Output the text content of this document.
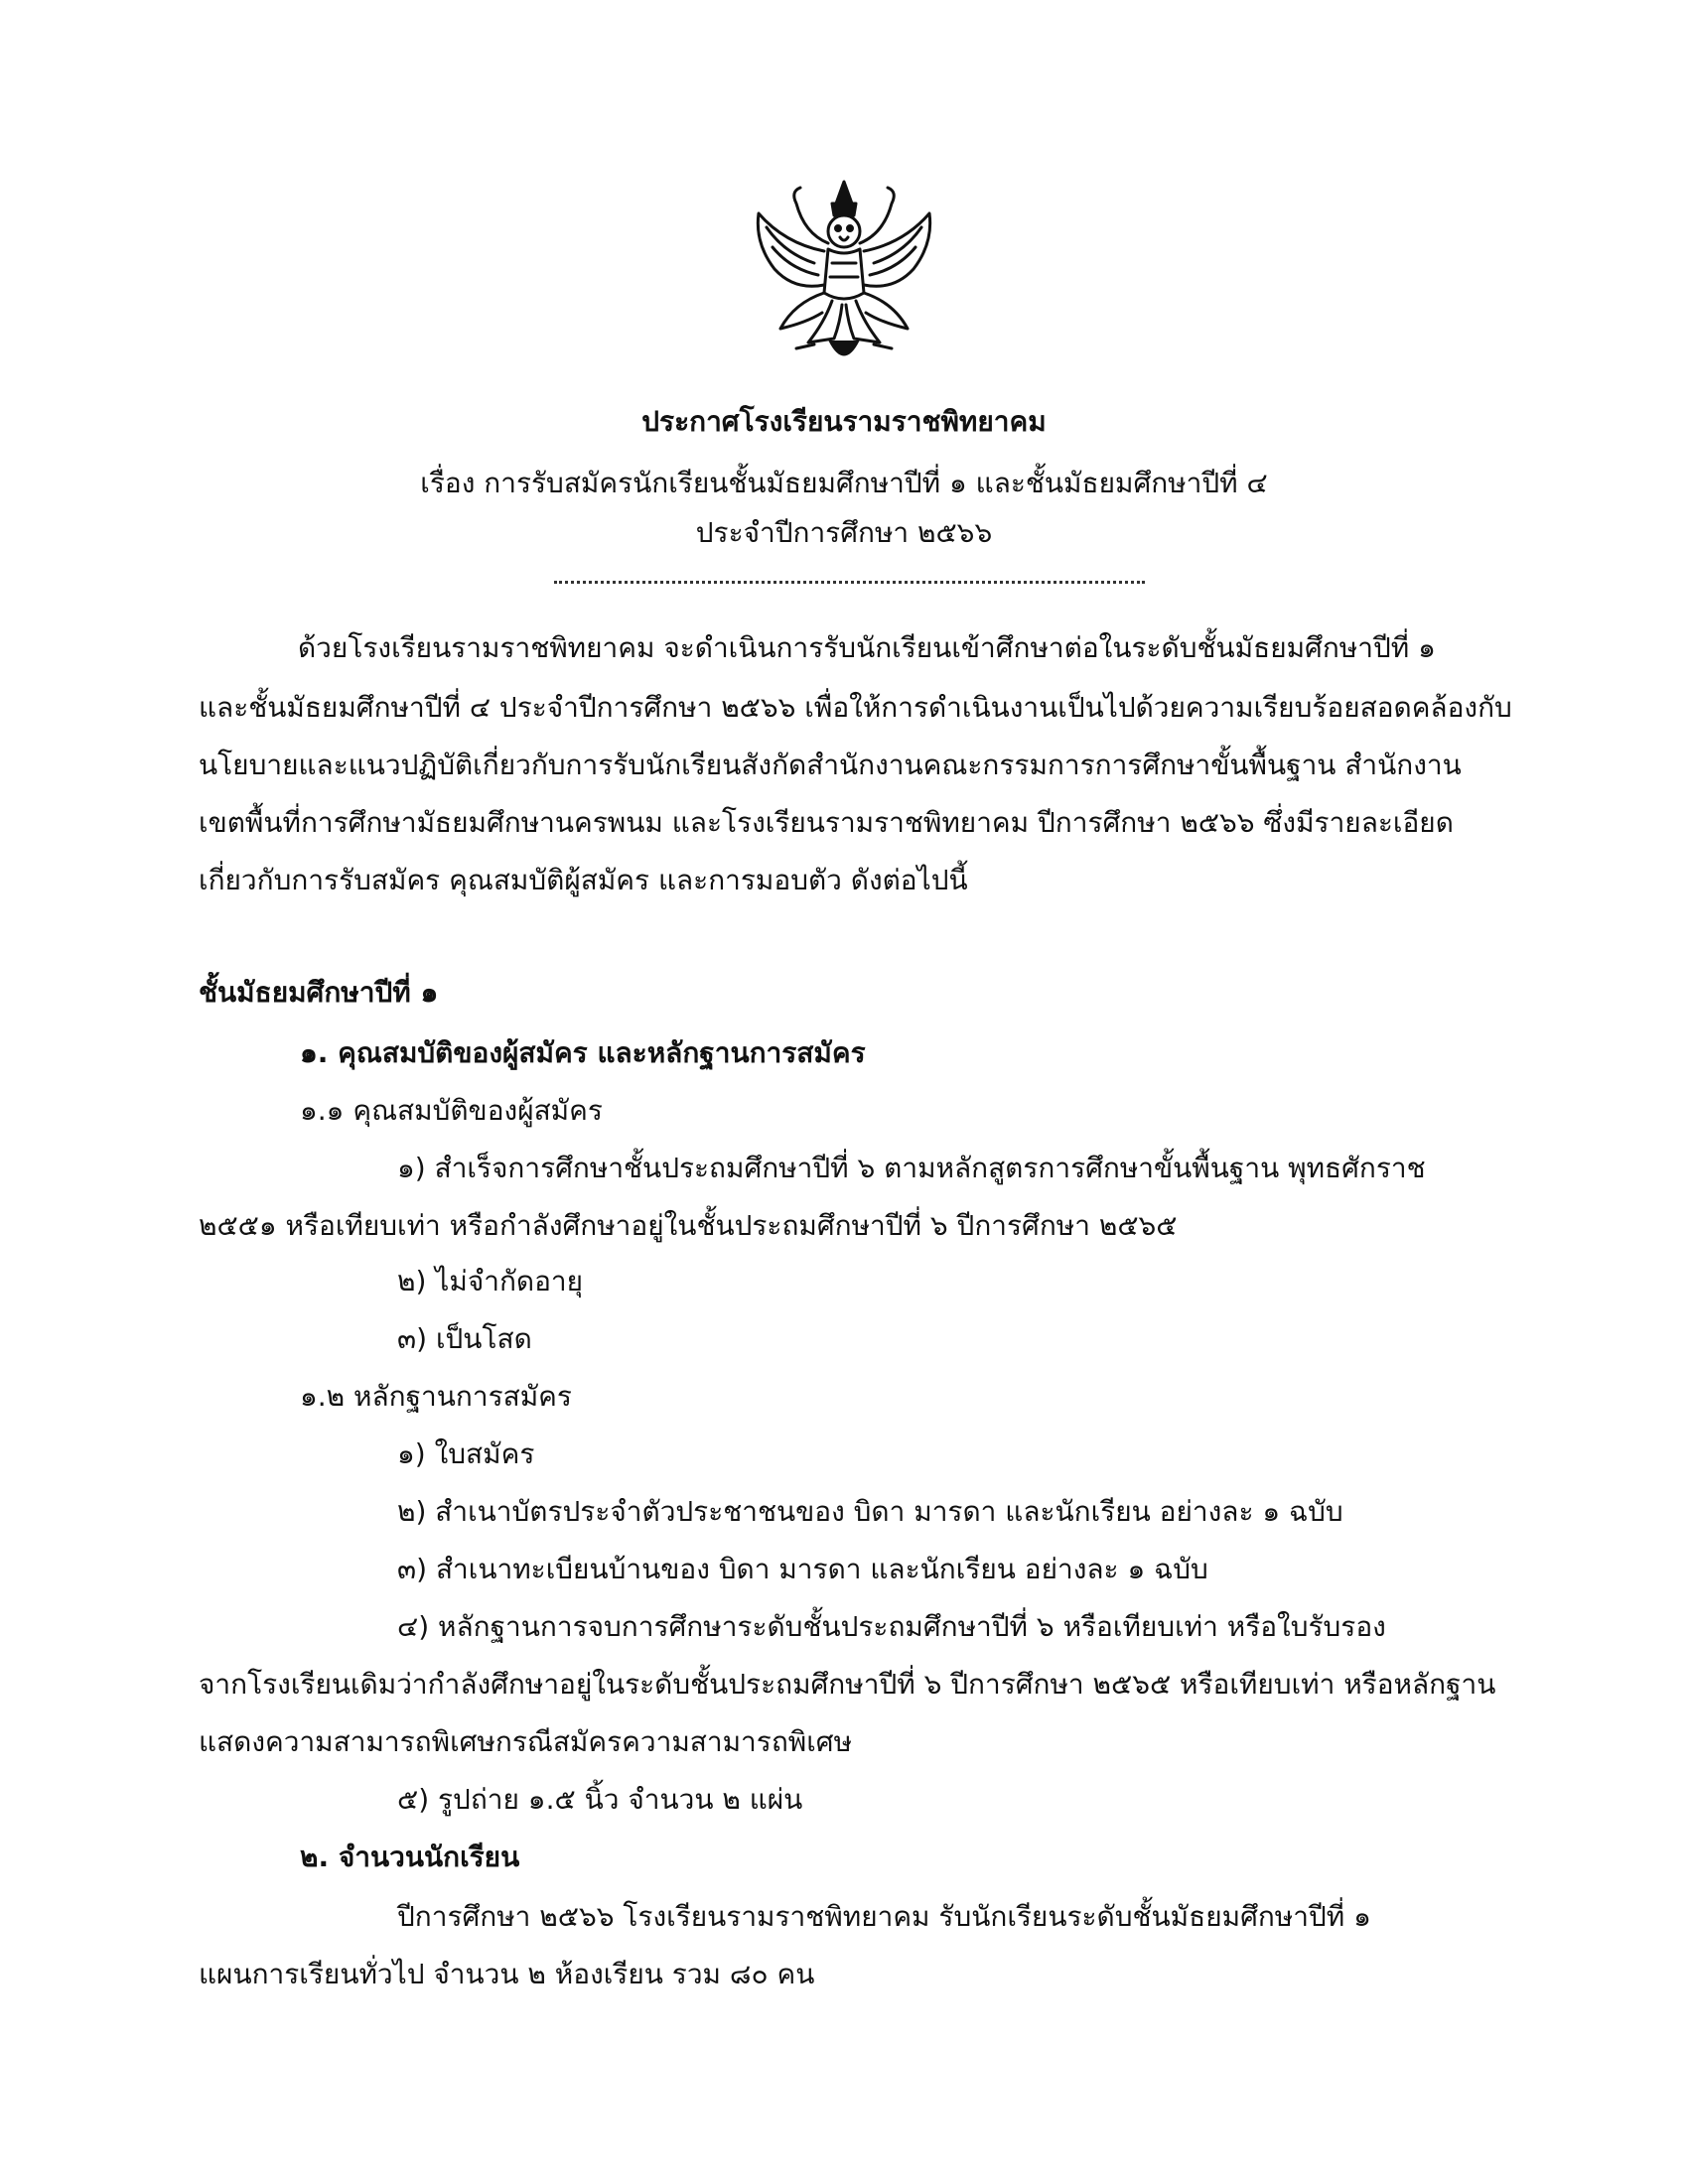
ประกาศโรงเรียนรามราชพิทยาคม
เรื่อง การรับสมัครนักเรียนชั้นมัธยมศึกษาปีที่ ๑ และชั้นมัธยมศึกษาปีที่ ๔
ประจำปีการศึกษา ๒๕๖๖
ด้วยโรงเรียนรามราชพิทยาคม จะดำเนินการรับนักเรียนเข้าศึกษาต่อในระดับชั้นมัธยมศึกษาปีที่ ๑
และชั้นมัธยมศึกษาปีที่ ๔ ประจำปีการศึกษา ๒๕๖๖ เพื่อให้การดำเนินงานเป็นไปด้วยความเรียบร้อยสอดคล้องกับ
นโยบายและแนวปฏิบัติเกี่ยวกับการรับนักเรียนสังกัดสำนักงานคณะกรรมการการศึกษาขั้นพื้นฐาน สำนักงาน
เขตพื้นที่การศึกษามัธยมศึกษานครพนม และโรงเรียนรามราชพิทยาคม ปีการศึกษา ๒๕๖๖ ซึ่งมีรายละเอียด
เกี่ยวกับการรับสมัคร คุณสมบัติผู้สมัคร และการมอบตัว ดังต่อไปนี้
ชั้นมัธยมศึกษาปีที่ ๑
๑. คุณสมบัติของผู้สมัคร และหลักฐานการสมัคร
๑.๑ คุณสมบัติของผู้สมัคร
๑) สำเร็จการศึกษาชั้นประถมศึกษาปีที่ ๖ ตามหลักสูตรการศึกษาขั้นพื้นฐาน พุทธศักราช
๒๕๕๑ หรือเทียบเท่า หรือกำลังศึกษาอยู่ในชั้นประถมศึกษาปีที่ ๖ ปีการศึกษา ๒๕๖๕
๒) ไม่จำกัดอายุ
๓) เป็นโสด
๑.๒ หลักฐานการสมัคร
๑) ใบสมัคร
๒) สำเนาบัตรประจำตัวประชาชนของ บิดา มารดา และนักเรียน อย่างละ ๑ ฉบับ
๓) สำเนาทะเบียนบ้านของ บิดา มารดา และนักเรียน อย่างละ ๑ ฉบับ
๔) หลักฐานการจบการศึกษาระดับชั้นประถมศึกษาปีที่ ๖ หรือเทียบเท่า หรือใบรับรอง
จากโรงเรียนเดิมว่ากำลังศึกษาอยู่ในระดับชั้นประถมศึกษาปีที่ ๖ ปีการศึกษา ๒๕๖๕ หรือเทียบเท่า หรือหลักฐาน
แสดงความสามารถพิเศษกรณีสมัครความสามารถพิเศษ
๕) รูปถ่าย ๑.๕ นิ้ว จำนวน ๒ แผ่น
๒. จำนวนนักเรียน
ปีการศึกษา ๒๕๖๖ โรงเรียนรามราชพิทยาคม รับนักเรียนระดับชั้นมัธยมศึกษาปีที่ ๑
แผนการเรียนทั่วไป จำนวน ๒ ห้องเรียน รวม ๘๐ คน
